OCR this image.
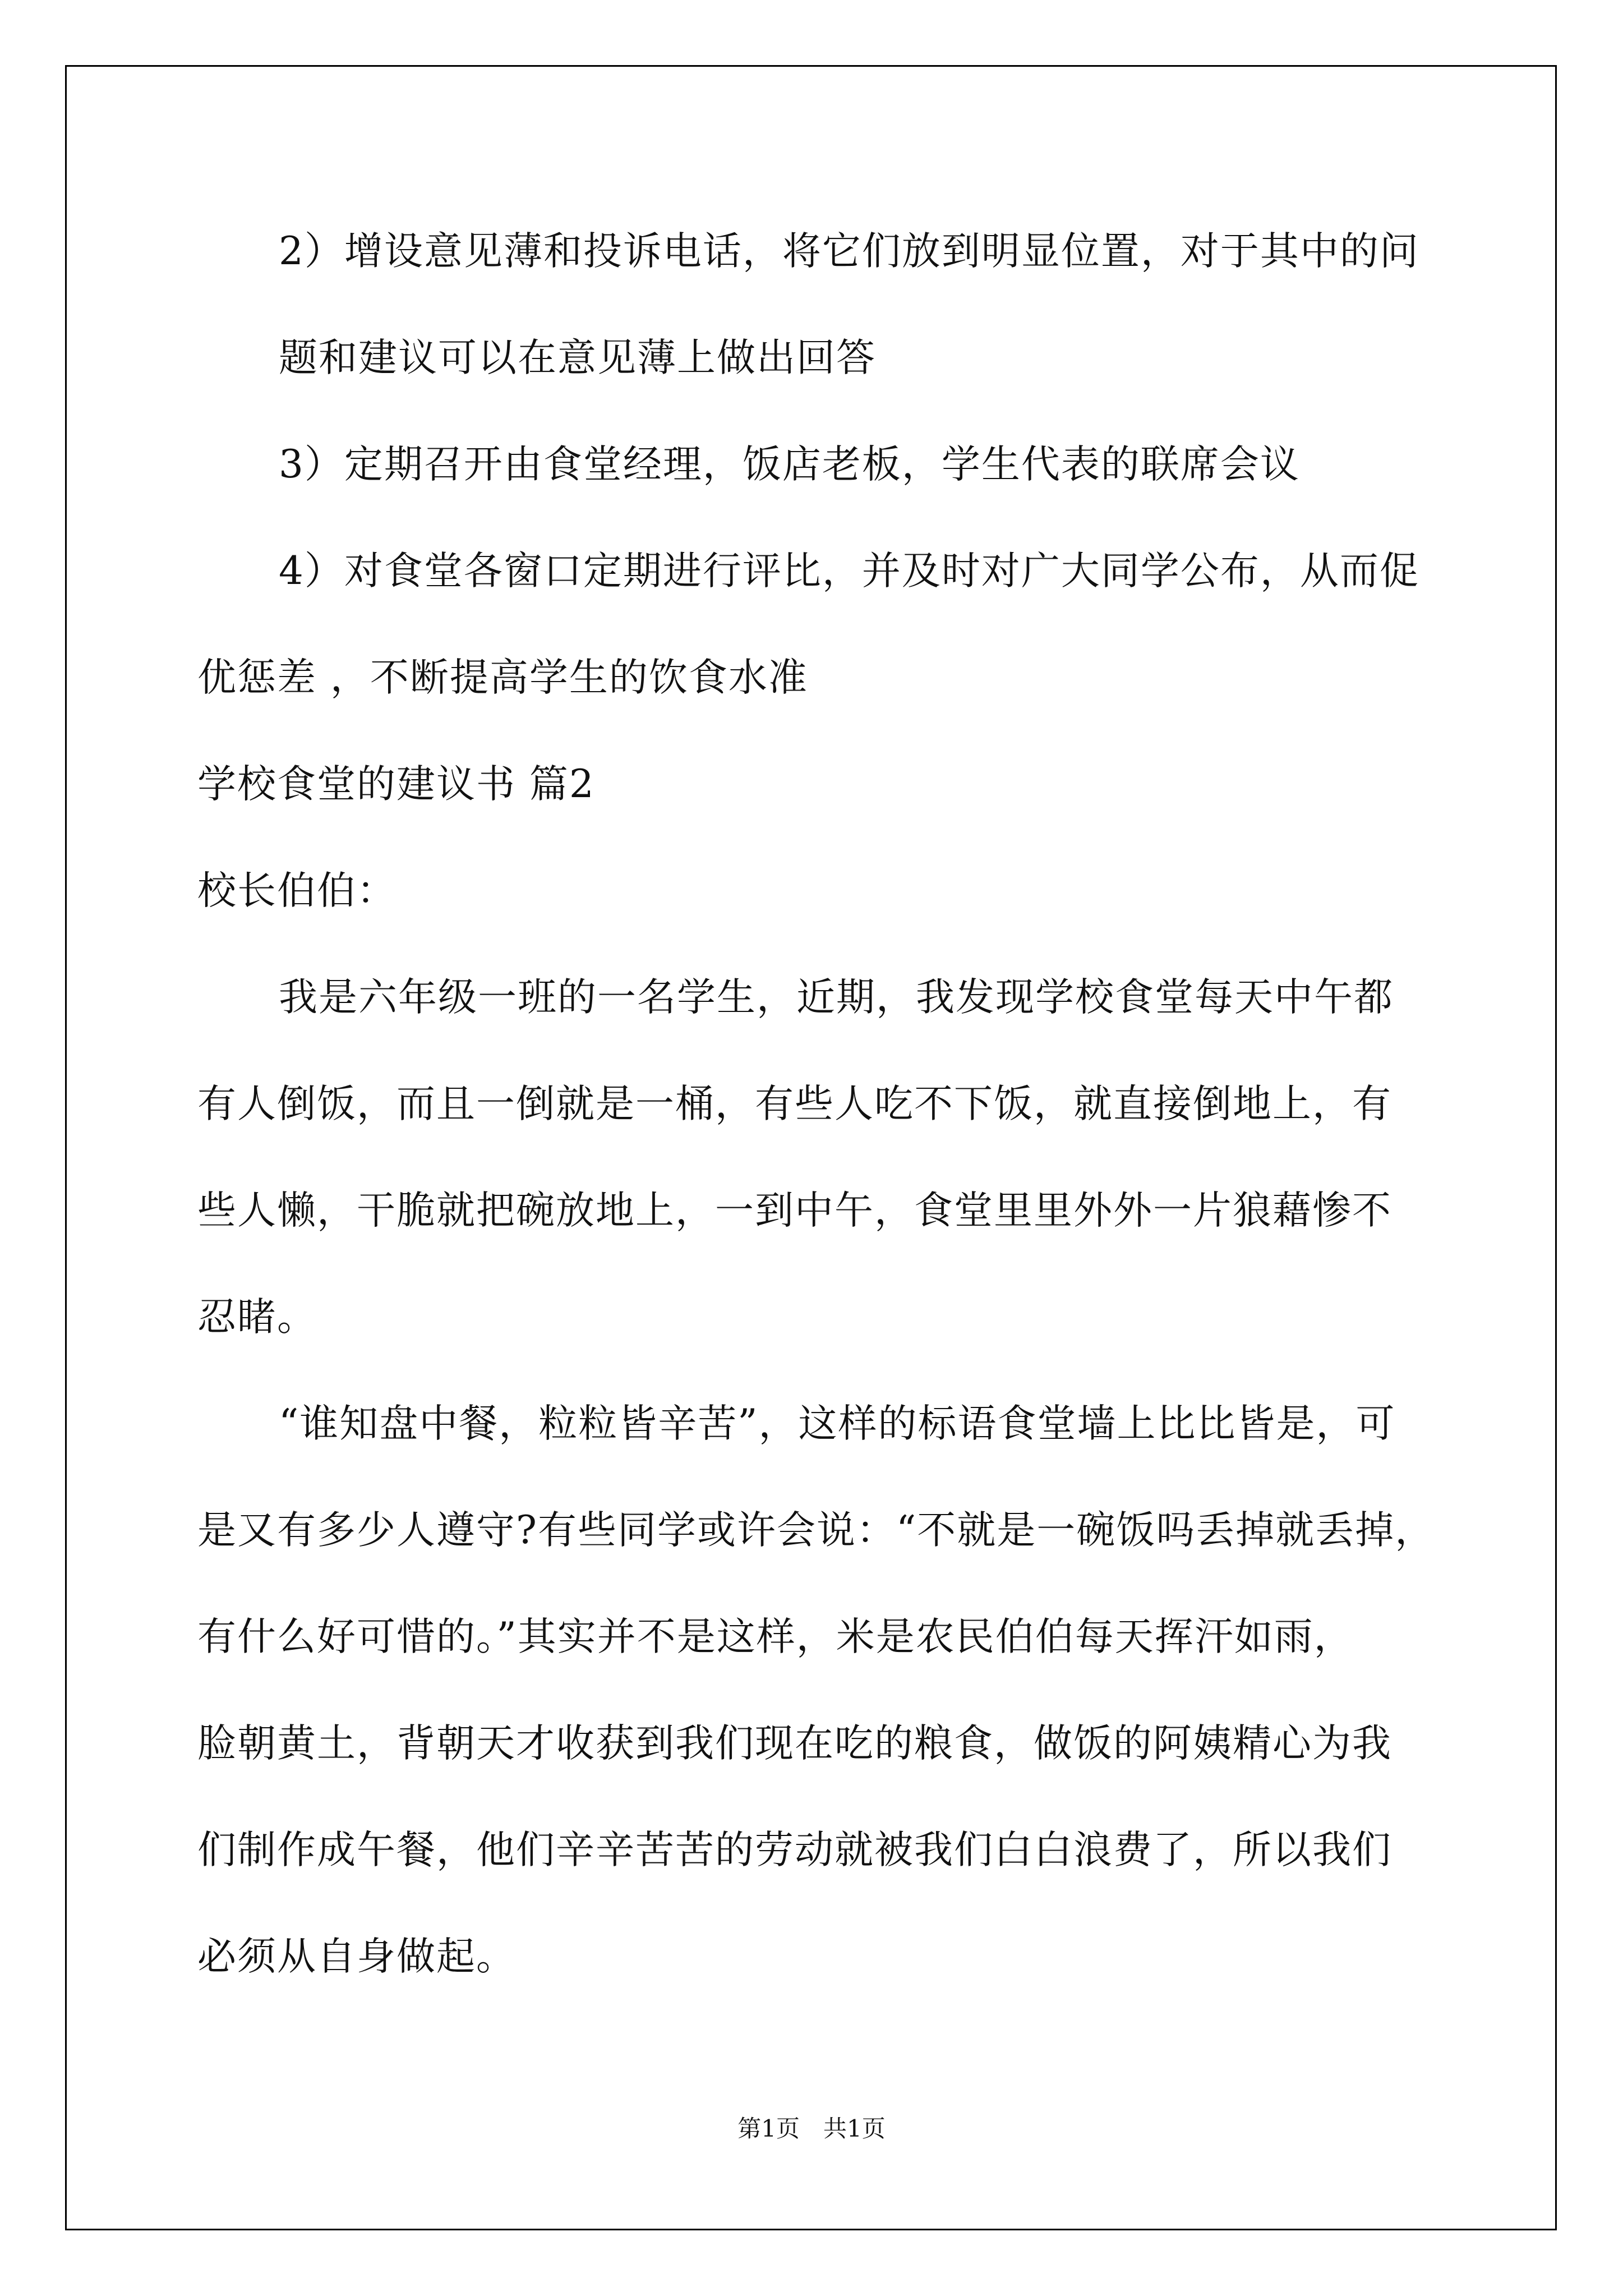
2）增设意见薄和投诉电话，将它们放到明显位置，对于其中的问
题和建议可以在意见薄上做出回答
3）定期召开由食堂经理，饭店老板，学生代表的联席会议
4）对食堂各窗口定期进行评比，并及时对广大同学公布，从而促
优惩差 ，不断提高学生的饮食水准
学校食堂的建议书 篇2
校长伯伯：
我是六年级一班的一名学生，近期，我发现学校食堂每天中午都
有人倒饭，而且一倒就是一桶，有些人吃不下饭，就直接倒地上，有
些人懒，干脆就把碗放地上，一到中午，食堂里里外外一片狼藉惨不
忍睹。
“谁知盘中餐，粒粒皆辛苦”，这样的标语食堂墙上比比皆是，可
是又有多少人遵守?有些同学或许会说：“不就是一碗饭吗丢掉就丢掉，
有什么好可惜的。”其实并不是这样，米是农民伯伯每天挥汗如雨，
脸朝黄土，背朝天才收获到我们现在吃的粮食，做饭的阿姨精心为我
们制作成午餐，他们辛辛苦苦的劳动就被我们白白浪费了，所以我们
必须从自身做起。
第1页　共1页
